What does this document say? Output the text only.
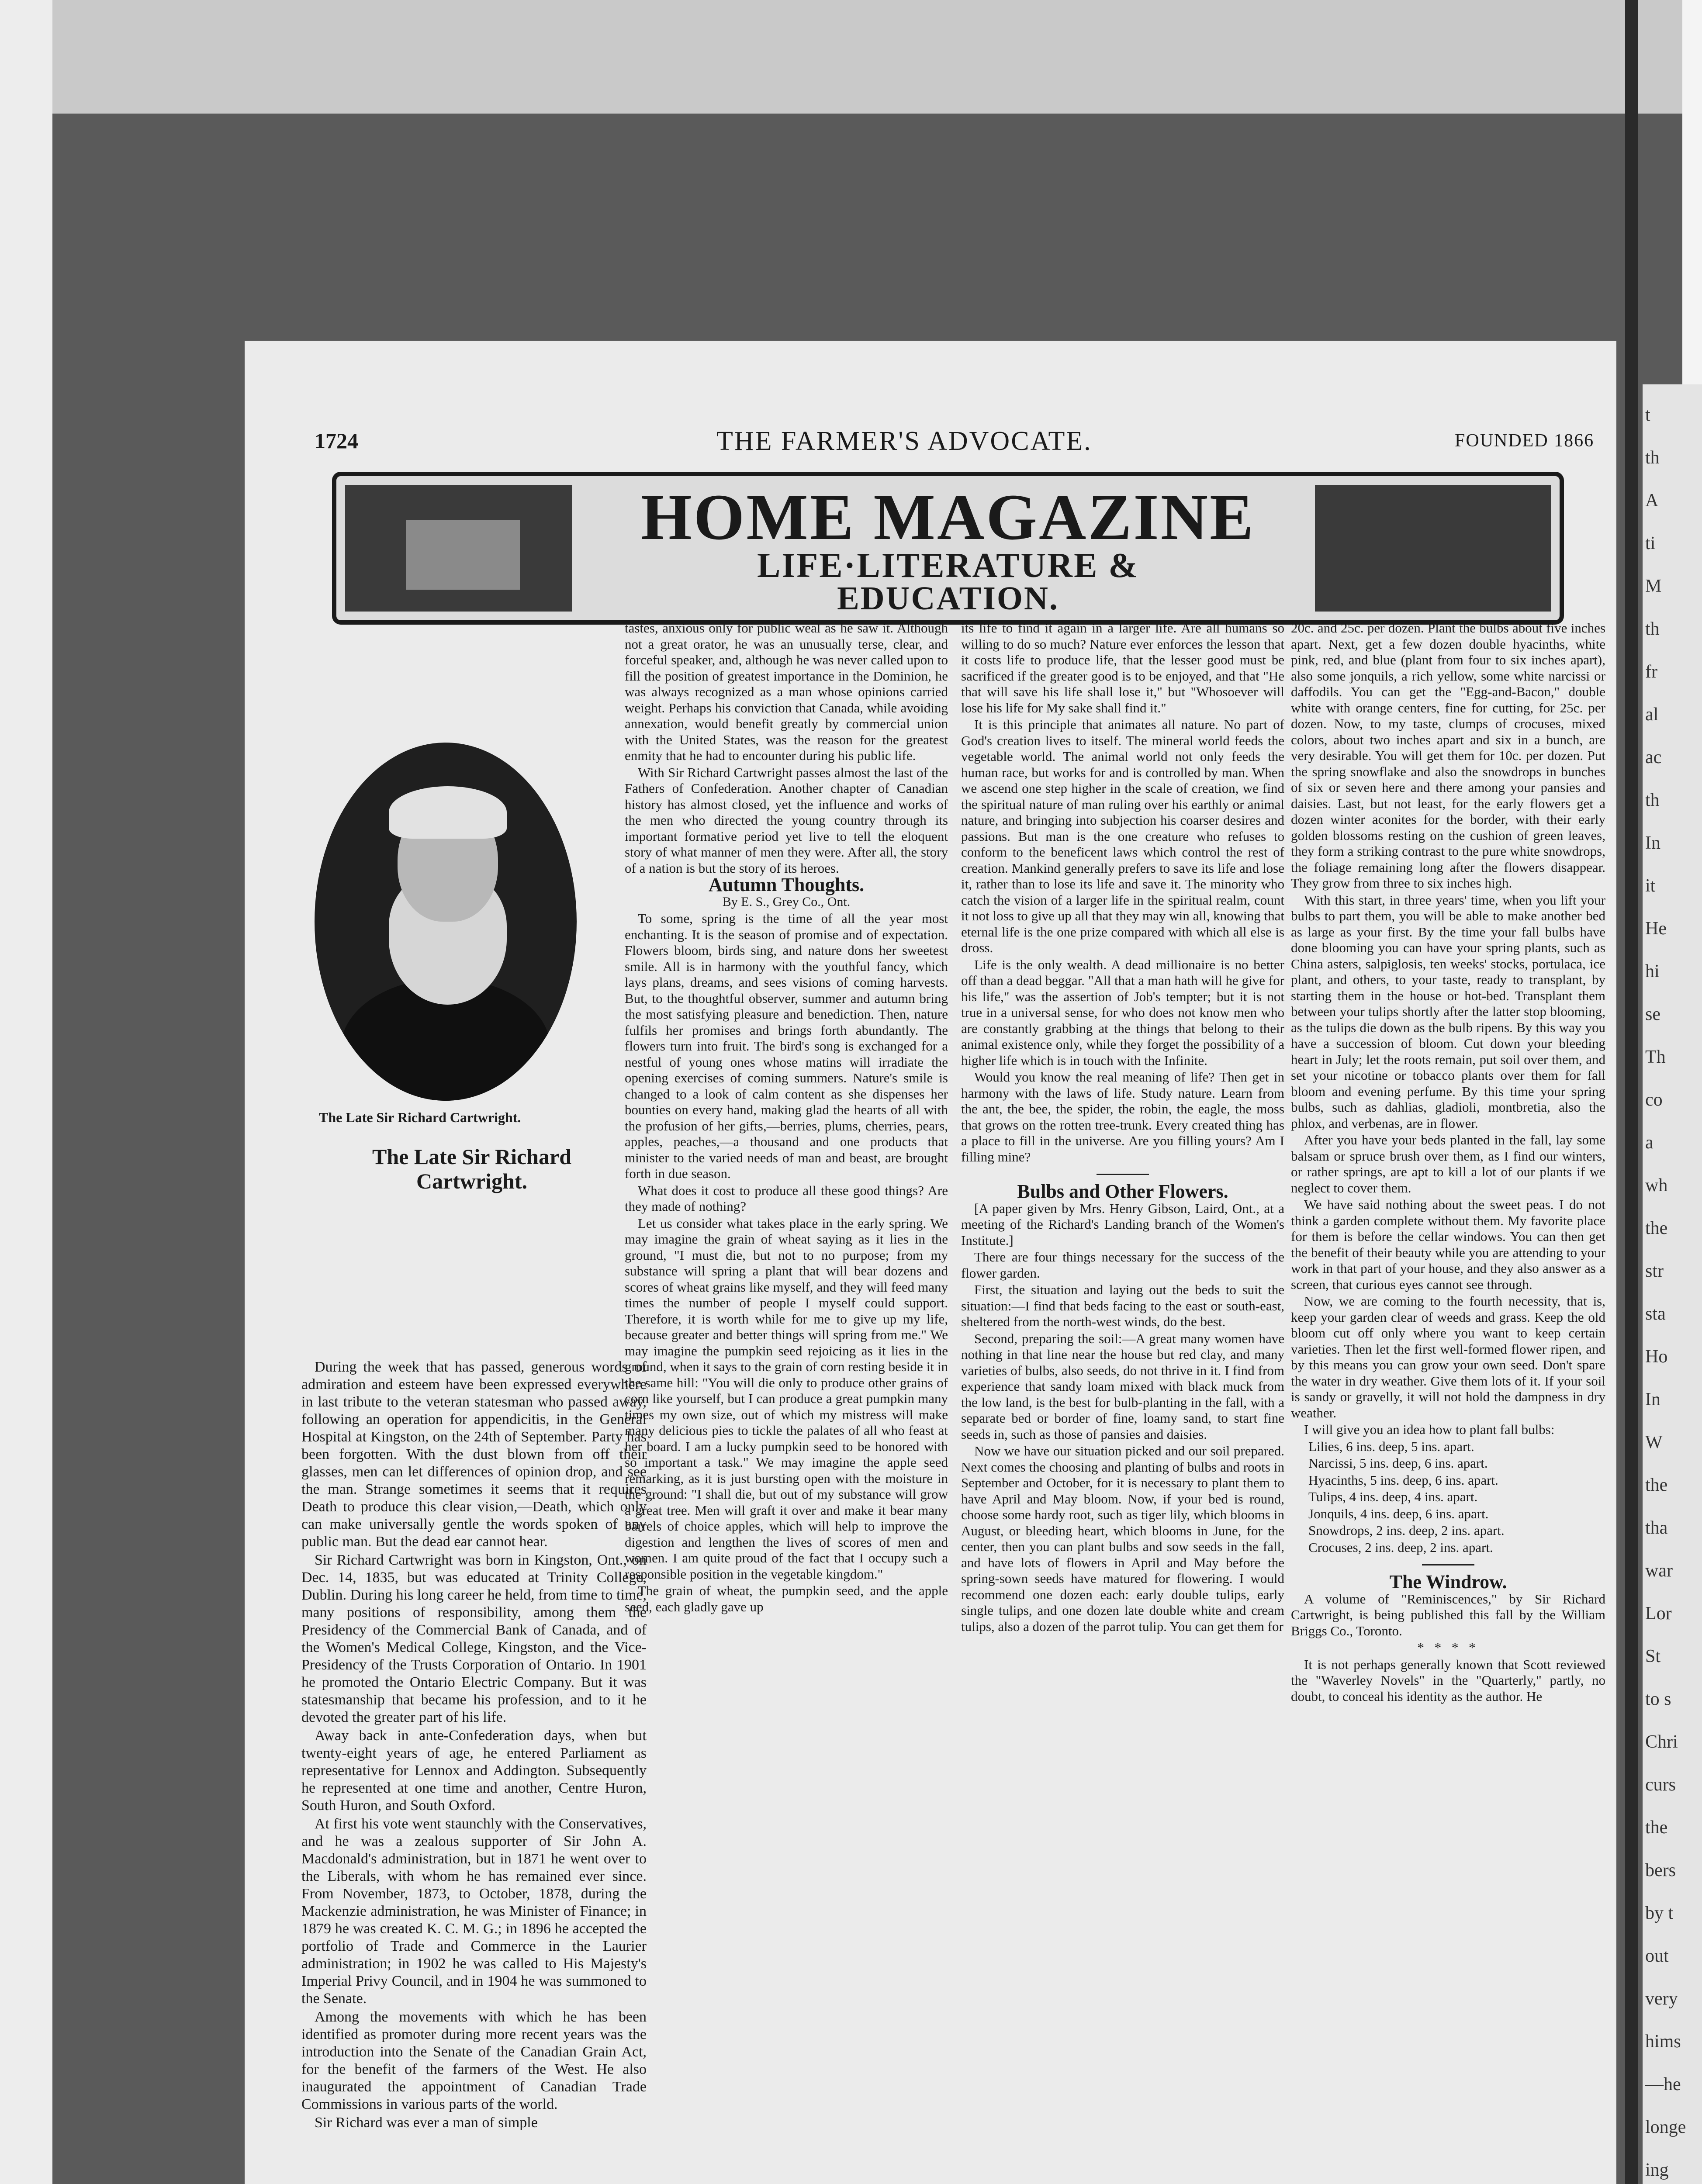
t
th
A
ti
M
th
fr
al
ac
th
In
it
He
hi
se
Th
co
a
wh
the
str
sta
Ho
In
W
the
tha
war
Lor
St
to s
Chri
curs
the
bers
by t
out
very
hims
—he
longe
ing
1724	THE FARMER'S ADVOCATE.	FOUNDED 1866
HOME MAGAZINE
LIFE·LITERATURE &
EDUCATION.
The Late Sir Richard Cartwright.
The Late Sir Richard Cartwright.

During the week that has passed, generous words of admiration and esteem have been expressed everywhere in last tribute to the veteran statesman who passed away, following an operation for appendicitis, in the General Hospital at Kingston, on the 24th of September. Party has been forgotten. With the dust blown from off their glasses, men can let differences of opinion drop, and see the man. Strange sometimes it seems that it requires Death to produce this clear vision,—Death, which only can make universally gentle the words spoken of any public man. But the dead ear cannot hear.

Sir Richard Cartwright was born in Kingston, Ont., on Dec. 14, 1835, but was educated at Trinity College, Dublin. During his long career he held, from time to time, many positions of responsibility, among them the Presidency of the Commercial Bank of Canada, and of the Women's Medical College, Kingston, and the Vice-Presidency of the Trusts Corporation of Ontario. In 1901 he promoted the Ontario Electric Company. But it was statesmanship that became his profession, and to it he devoted the greater part of his life.

Away back in ante-Confederation days, when but twenty-eight years of age, he entered Parliament as representative for Lennox and Addington. Subsequently he represented at one time and another, Centre Huron, South Huron, and South Oxford.

At first his vote went staunchly with the Conservatives, and he was a zealous supporter of Sir John A. Macdonald's administration, but in 1871 he went over to the Liberals, with whom he has remained ever since. From November, 1873, to October, 1878, during the Mackenzie administration, he was Minister of Finance; in 1879 he was created K. C. M. G.; in 1896 he accepted the portfolio of Trade and Commerce in the Laurier administration; in 1902 he was called to His Majesty's Imperial Privy Council, and in 1904 he was summoned to the Senate.

Among the movements with which he has been identified as promoter during more recent years was the introduction into the Senate of the Canadian Grain Act, for the benefit of the farmers of the West. He also inaugurated the appointment of Canadian Trade Commissions in various parts of the world.

Sir Richard was ever a man of simple

tastes, anxious only for public weal as he saw it. Although not a great orator, he was an unusually terse, clear, and forceful speaker, and, although he was never called upon to fill the position of greatest importance in the Dominion, he was always recognized as a man whose opinions carried weight. Perhaps his conviction that Canada, while avoiding annexation, would benefit greatly by commercial union with the United States, was the reason for the greatest enmity that he had to encounter during his public life.

With Sir Richard Cartwright passes almost the last of the Fathers of Confederation. Another chapter of Canadian history has almost closed, yet the influence and works of the men who directed the young country through its important formative period yet live to tell the eloquent story of what manner of men they were. After all, the story of a nation is but the story of its heroes.

Autumn Thoughts.

By E. S., Grey Co., Ont.

To some, spring is the time of all the year most enchanting. It is the season of promise and of expectation. Flowers bloom, birds sing, and nature dons her sweetest smile. All is in harmony with the youthful fancy, which lays plans, dreams, and sees visions of coming harvests. But, to the thoughtful observer, summer and autumn bring the most satisfying pleasure and benediction. Then, nature fulfils her promises and brings forth abundantly. The flowers turn into fruit. The bird's song is exchanged for a nestful of young ones whose matins will irradiate the opening exercises of coming summers. Nature's smile is changed to a look of calm content as she dispenses her bounties on every hand, making glad the hearts of all with the profusion of her gifts,—berries, plums, cherries, pears, apples, peaches,—a thousand and one products that minister to the varied needs of man and beast, are brought forth in due season.

What does it cost to produce all these good things? Are they made of nothing?

Let us consider what takes place in the early spring. We may imagine the grain of wheat saying as it lies in the ground, "I must die, but not to no purpose; from my substance will spring a plant that will bear dozens and scores of wheat grains like myself, and they will feed many times the number of people I myself could support. Therefore, it is worth while for me to give up my life, because greater and better things will spring from me." We may imagine the pumpkin seed rejoicing as it lies in the ground, when it says to the grain of corn resting beside it in the same hill: "You will die only to produce other grains of corn like yourself, but I can produce a great pumpkin many times my own size, out of which my mistress will make many delicious pies to tickle the palates of all who feast at her board. I am a lucky pumpkin seed to be honored with so important a task." We may imagine the apple seed remarking, as it is just bursting open with the moisture in the ground: "I shall die, but out of my substance will grow a great tree. Men will graft it over and make it bear many barrels of choice apples, which will help to improve the digestion and lengthen the lives of scores of men and women. I am quite proud of the fact that I occupy such a responsible position in the vegetable kingdom."

The grain of wheat, the pumpkin seed, and the apple seed, each gladly gave up

its life to find it again in a larger life. Are all humans so willing to do so much? Nature ever enforces the lesson that it costs life to produce life, that the lesser good must be sacrificed if the greater good is to be enjoyed, and that "He that will save his life shall lose it," but "Whosoever will lose his life for My sake shall find it."

It is this principle that animates all nature. No part of God's creation lives to itself. The mineral world feeds the vegetable world. The animal world not only feeds the human race, but works for and is controlled by man. When we ascend one step higher in the scale of creation, we find the spiritual nature of man ruling over his earthly or animal nature, and bringing into subjection his coarser desires and passions. But man is the one creature who refuses to conform to the beneficent laws which control the rest of creation. Mankind generally prefers to save its life and lose it, rather than to lose its life and save it. The minority who catch the vision of a larger life in the spiritual realm, count it not loss to give up all that they may win all, knowing that eternal life is the one prize compared with which all else is dross.

Life is the only wealth. A dead millionaire is no better off than a dead beggar. "All that a man hath will he give for his life," was the assertion of Job's tempter; but it is not true in a universal sense, for who does not know men who are constantly grabbing at the things that belong to their animal existence only, while they forget the possibility of a higher life which is in touch with the Infinite.

Would you know the real meaning of life? Then get in harmony with the laws of life. Study nature. Learn from the ant, the bee, the spider, the robin, the eagle, the moss that grows on the rotten tree-trunk. Every created thing has a place to fill in the universe. Are you filling yours? Am I filling mine?

Bulbs and Other Flowers.

[A paper given by Mrs. Henry Gibson, Laird, Ont., at a meeting of the Richard's Landing branch of the Women's Institute.]

There are four things necessary for the success of the flower garden.

First, the situation and laying out the beds to suit the situation:—I find that beds facing to the east or south-east, sheltered from the north-west winds, do the best.

Second, preparing the soil:—A great many women have nothing in that line near the house but red clay, and many varieties of bulbs, also seeds, do not thrive in it. I find from experience that sandy loam mixed with black muck from the low land, is the best for bulb-planting in the fall, with a separate bed or border of fine, loamy sand, to start fine seeds in, such as those of pansies and daisies.

Now we have our situation picked and our soil prepared. Next comes the choosing and planting of bulbs and roots in September and October, for it is necessary to plant them to have April and May bloom. Now, if your bed is round, choose some hardy root, such as tiger lily, which blooms in August, or bleeding heart, which blooms in June, for the center, then you can plant bulbs and sow seeds in the fall, and have lots of flowers in April and May before the spring-sown seeds have matured for flowering. I would recommend one dozen each: early double tulips, early single tulips, and one dozen late double white and cream tulips, also a dozen of the parrot tulip. You can get them for

20c. and 25c. per dozen. Plant the bulbs about five inches apart. Next, get a few dozen double hyacinths, white pink, red, and blue (plant from four to six inches apart), also some jonquils, a rich yellow, some white narcissi or daffodils. You can get the "Egg-and-Bacon," double white with orange centers, fine for cutting, for 25c. per dozen. Now, to my taste, clumps of crocuses, mixed colors, about two inches apart and six in a bunch, are very desirable. You will get them for 10c. per dozen. Put the spring snowflake and also the snowdrops in bunches of six or seven here and there among your pansies and daisies. Last, but not least, for the early flowers get a dozen winter aconites for the border, with their early golden blossoms resting on the cushion of green leaves, they form a striking contrast to the pure white snowdrops, the foliage remaining long after the flowers disappear. They grow from three to six inches high.

With this start, in three years' time, when you lift your bulbs to part them, you will be able to make another bed as large as your first. By the time your fall bulbs have done blooming you can have your spring plants, such as China asters, salpiglosis, ten weeks' stocks, portulaca, ice plant, and others, to your taste, ready to transplant, by starting them in the house or hot-bed. Transplant them between your tulips shortly after the latter stop blooming, as the tulips die down as the bulb ripens. By this way you have a succession of bloom. Cut down your bleeding heart in July; let the roots remain, put soil over them, and set your nicotine or tobacco plants over them for fall bloom and evening perfume. By this time your spring bulbs, such as dahlias, gladioli, montbretia, also the phlox, and verbenas, are in flower.

After you have your beds planted in the fall, lay some balsam or spruce brush over them, as I find our winters, or rather springs, are apt to kill a lot of our plants if we neglect to cover them.

We have said nothing about the sweet peas. I do not think a garden complete without them. My favorite place for them is before the cellar windows. You can then get the benefit of their beauty while you are attending to your work in that part of your house, and they also answer as a screen, that curious eyes cannot see through.

Now, we are coming to the fourth necessity, that is, keep your garden clear of weeds and grass. Keep the old bloom cut off only where you want to keep certain varieties. Then let the first well-formed flower ripen, and by this means you can grow your own seed. Don't spare the water in dry weather. Give them lots of it. If your soil is sandy or gravelly, it will not hold the dampness in dry weather.

I will give you an idea how to plant fall bulbs:

Lilies, 6 ins. deep, 5 ins. apart.

Narcissi, 5 ins. deep, 6 ins. apart.

Hyacinths, 5 ins. deep, 6 ins. apart.

Tulips, 4 ins. deep, 4 ins. apart.

Jonquils, 4 ins. deep, 6 ins. apart.

Snowdrops, 2 ins. deep, 2 ins. apart.

Crocuses, 2 ins. deep, 2 ins. apart.

The Windrow.

A volume of "Reminiscences," by Sir Richard Cartwright, is being published this fall by the William Briggs Co., Toronto.

* * * *

It is not perhaps generally known that Scott reviewed the "Waverley Novels" in the "Quarterly," partly, no doubt, to conceal his identity as the author. He
